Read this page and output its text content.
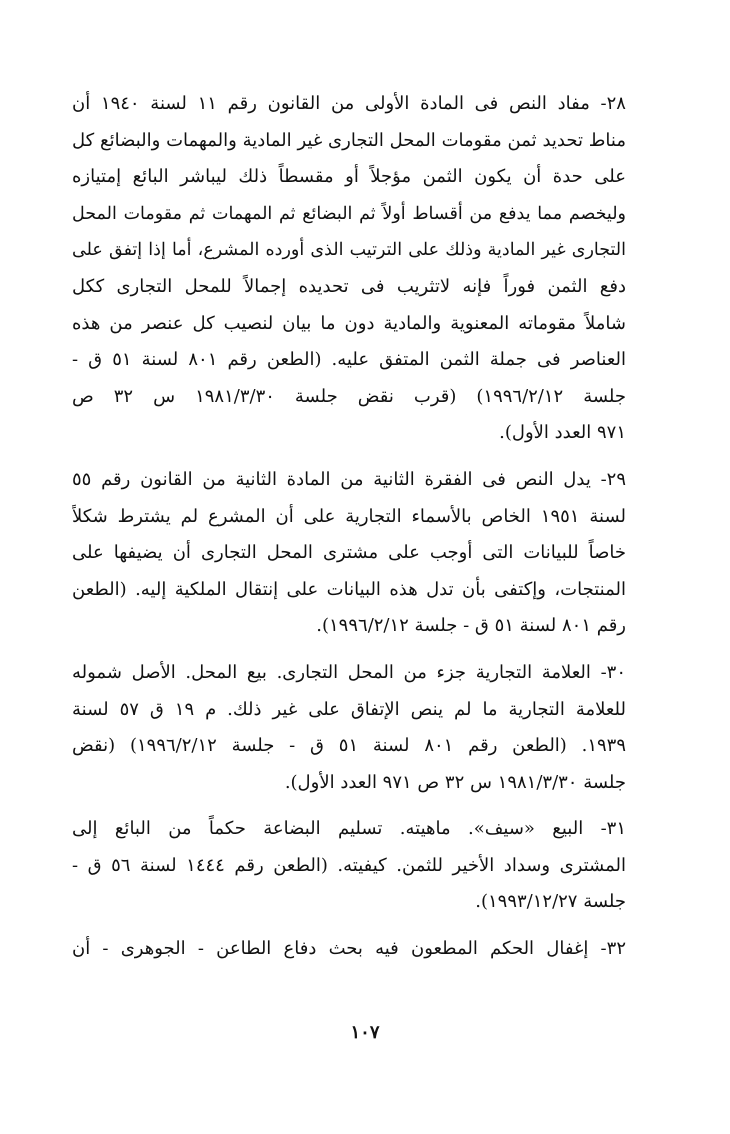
٢٨- مفاد النص فى المادة الأولى من القانون رقم ١١ لسنة ١٩٤٠ أن
مناط تحديد ثمن مقومات المحل التجارى غير المادية والمهمات والبضائع كل
على حدة أن يكون الثمن مؤجلاً أو مقسطاً ذلك ليباشر البائع إمتيازه
وليخصم مما يدفع من أقساط أولاً ثم البضائع ثم المهمات ثم مقومات المحل
التجارى غير المادية وذلك على الترتيب الذى أورده المشرع، أما إذا إتفق على
دفع الثمن فوراً فإنه لاتثريب فى تحديده إجمالاً للمحل التجارى ككل
شاملاً مقوماته المعنوية والمادية دون ما بيان لنصيب كل عنصر من هذه
العناصر فى جملة الثمن المتفق عليه. (الطعن رقم ٨٠١ لسنة ٥١ ق -
جلسة ١٩٩٦/٢/١٢) (قرب نقض جلسة ١٩٨١/٣/٣٠ س ٣٢ ص
٩٧١ العدد الأول).

٢٩- يدل النص فى الفقرة الثانية من المادة الثانية من القانون رقم ٥٥
لسنة ١٩٥١ الخاص بالأسماء التجارية على أن المشرع لم يشترط شكلاً
خاصاً للبيانات التى أوجب على مشترى المحل التجارى أن يضيفها على
المنتجات، وإكتفى بأن تدل هذه البيانات على إنتقال الملكية إليه. (الطعن
رقم ٨٠١ لسنة ٥١ ق - جلسة ١٩٩٦/٢/١٢).

٣٠- العلامة التجارية جزء من المحل التجارى. بيع المحل. الأصل شموله
للعلامة التجارية ما لم ينص الإتفاق على غير ذلك. م ١٩ ق ٥٧ لسنة
١٩٣٩. (الطعن رقم ٨٠١ لسنة ٥١ ق - جلسة ١٩٩٦/٢/١٢) (نقض
جلسة ١٩٨١/٣/٣٠ س ٣٢ ص ٩٧١ العدد الأول).

٣١- البيع «سيف». ماهيته. تسليم البضاعة حكماً من البائع إلى
المشترى وسداد الأخير للثمن. كيفيته. (الطعن رقم ١٤٤٤ لسنة ٥٦ ق -
جلسة ١٩٩٣/١٢/٢٧).

٣٢- إغفال الحكم المطعون فيه بحث دفاع الطاعن - الجوهرى - أن

١٠٧
